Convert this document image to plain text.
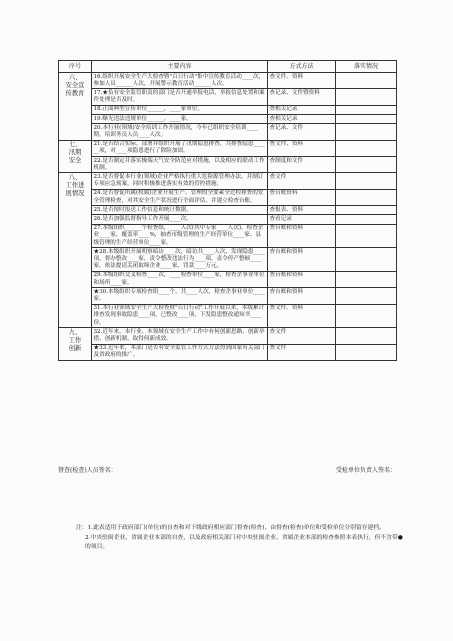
序号	主要内容	方式方法	落实情况
六、
安全宣
传教育	16.组织开展安全生产大检查暨"百日行动"集中宣传教育活动____次，参加人员______人次，开展警示教育活动______人次。	查文件、资料	
	17.★负有安全监管职责的部门是否开通举报电话，举报信息处置和案件处理是否及时。	查记录、文件暨资料	
	18.正面典型宣传单位______，____家单位。	查相关记录	
	19.曝光违法违规单位______，____家。	查相关记录	
	20.本行业(领域)安全培训工作开展情况，今年已组织安全培训____期，培训务员人员____人次。	查记录、文件	
七、
汛期
安全	21.是否结合实际，部署并组织开展了汛期隐患排查，共排查隐患______项，对____项隐患进行了除险加固。	查文件、资料	
	22.是否制定并落实极端天气安全防范应对措施，以及相应的联动工作机制。	查制度和文件	
八、
工作进
展情况	23.是否督促本行业(领域)企业严格执行重大危险源管理办法，并制订专项应急预案，同时积极推进落实有效的管控措施。	查文件	
	24.是否督促所属(权属)企业开展生产、管理的全要素全过程排查的安全管理检查，对其安全生产状况进行全面评估，并建立检查台账。	查台账资料	
	25.是否按时报送工作信息和统计数据。	查报表、资料	
	26.是否加强监督指导工作开展____次。	查看记录	
	27.本级组织______个检查组，____人次(其中专家____人次)，检查企业____家，覆盖率____%，抽查市级管理的生产经营单位____家、县级管理的生产经营单位____家。	查台账和资料	
	★28.本级组织开展明察暗访____次，暗访共____人次，发现隐患____项，督办整改____家，责令整改违法行为____项，责令停产整顿____家，依法提请关闭取缔企业____家，罚款____万元。	查台账和资料	
	29.本级组织交叉检查____次，____检查单位____家，检查企事业单位和场所____家。	查台账和资料	
	★30.本级组织专项检查组____个，共____人次，检查企事业单位____家。	查台账和资料	
	31.本行业领域安全生产大检查暨"百日行动"工作开展以来，本级累计排查发现事故隐患____项，已整改____项，下发隐患整改通知书____份。	查文件、资料	
九、
工作
创新	32.近年来，本行业、本领域在安全生产工作中有何创新思路、创新举措、创新机制，取得何新成效。	查文件	
	★33.近年来，本部门是否有安全监管工作方式方法得到国家有关部门及省政府的推广。	查文件	
督查(检查)人员签名：	受检单位负责人签名：
注：1.此表适用于政府部门(单位)的自查和对下级政府相应部门督查(检查)，由督查(检查)单位和受检单位分别留存建档。
2.中央驻闽企业、省属企业本部的自查，以及政府相关部门对中央驻闽企业、省属企业本部的检查参照本表执行，但不含带●的项目。
